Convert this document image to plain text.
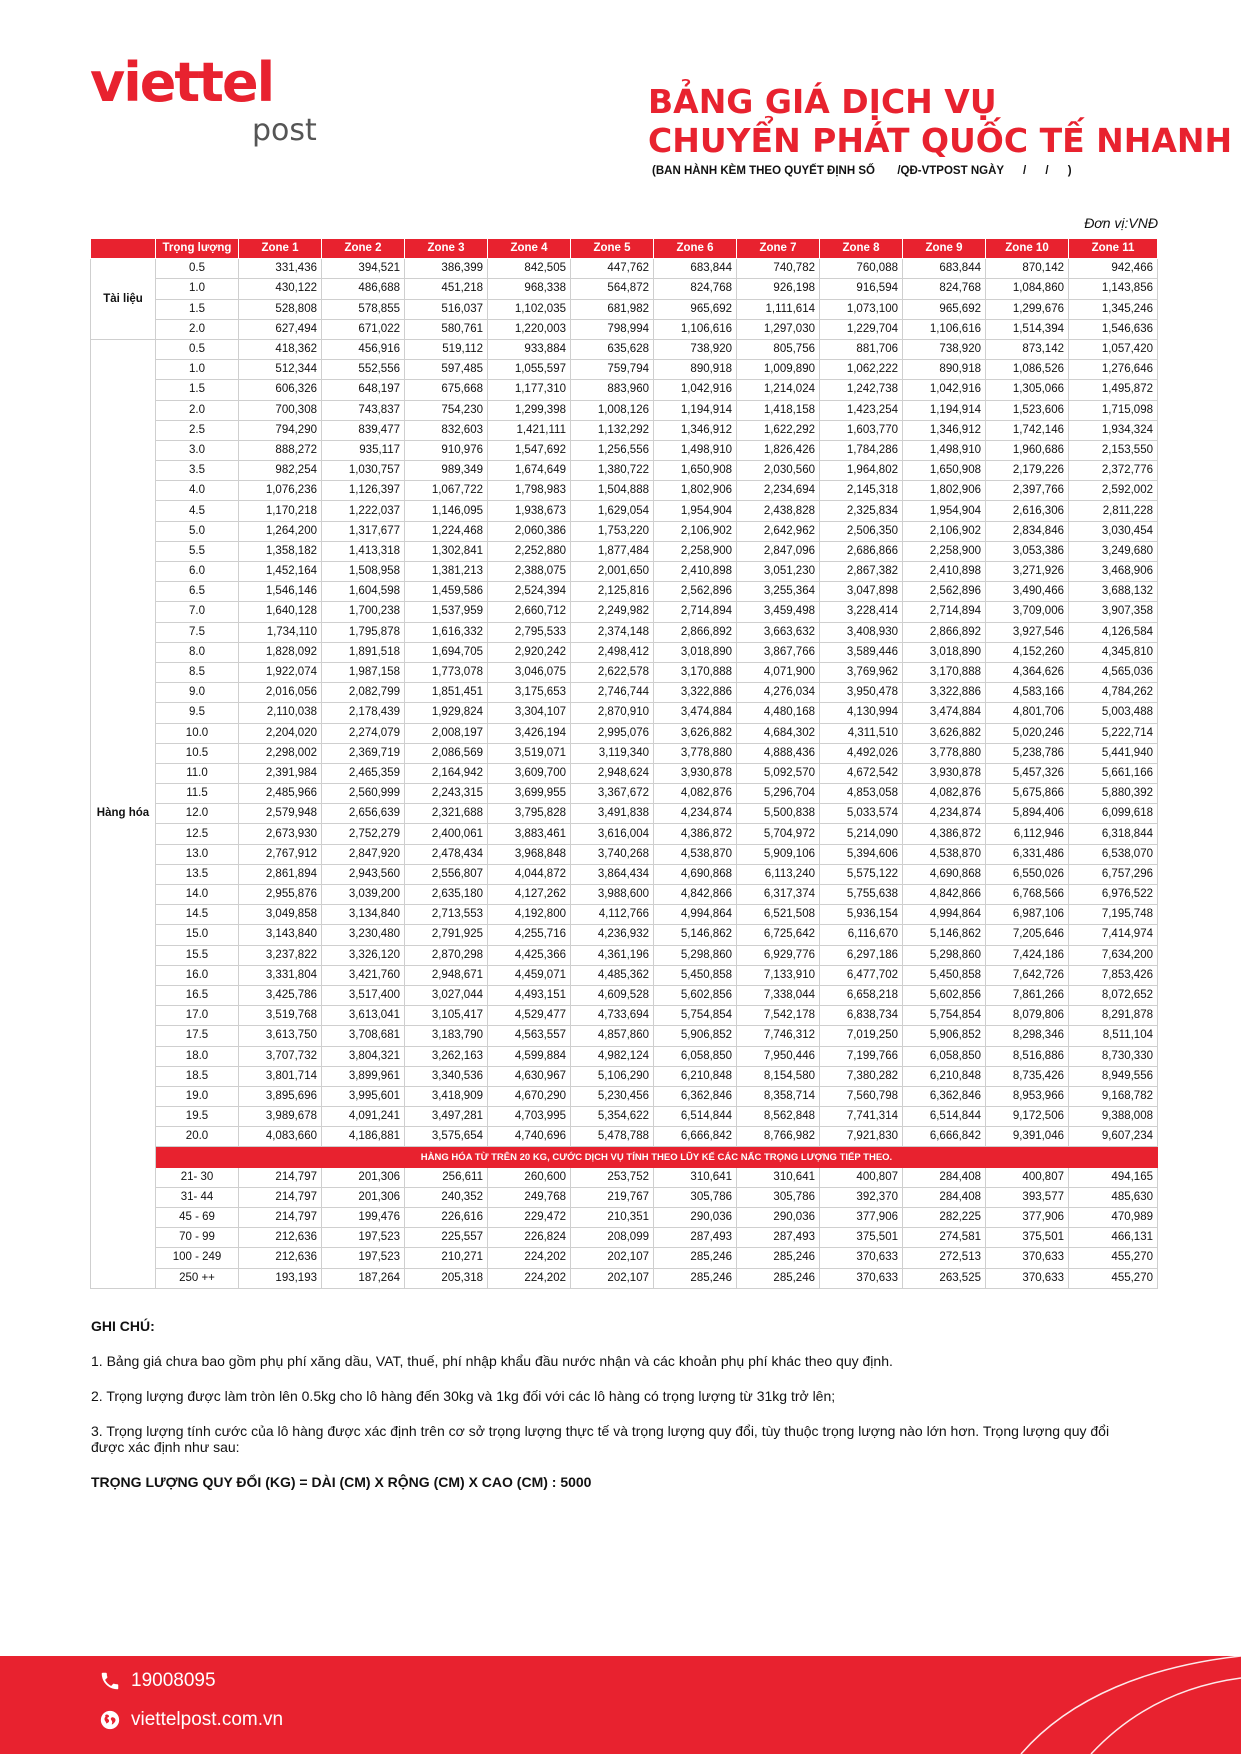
viettel
post
BẢNG GIÁ DỊCH VỤ
CHUYỂN PHÁT QUỐC TẾ NHANH
(BAN HÀNH KÈM THEO QUYẾT ĐỊNH SỐ       /QĐ-VTPOST NGÀY      /      /      )
Đơn vị:VNĐ
	Trọng lượng	Zone 1	Zone 2	Zone 3	Zone 4	Zone 5	Zone 6	Zone 7	Zone 8	Zone 9	Zone 10	Zone 11
Tài liệu	0.5	331,436	394,521	386,399	842,505	447,762	683,844	740,782	760,088	683,844	870,142	942,466
	1.0	430,122	486,688	451,218	968,338	564,872	824,768	926,198	916,594	824,768	1,084,860	1,143,856
	1.5	528,808	578,855	516,037	1,102,035	681,982	965,692	1,111,614	1,073,100	965,692	1,299,676	1,345,246
	2.0	627,494	671,022	580,761	1,220,003	798,994	1,106,616	1,297,030	1,229,704	1,106,616	1,514,394	1,546,636
Hàng hóa	0.5	418,362	456,916	519,112	933,884	635,628	738,920	805,756	881,706	738,920	873,142	1,057,420
	1.0	512,344	552,556	597,485	1,055,597	759,794	890,918	1,009,890	1,062,222	890,918	1,086,526	1,276,646
	1.5	606,326	648,197	675,668	1,177,310	883,960	1,042,916	1,214,024	1,242,738	1,042,916	1,305,066	1,495,872
	2.0	700,308	743,837	754,230	1,299,398	1,008,126	1,194,914	1,418,158	1,423,254	1,194,914	1,523,606	1,715,098
	2.5	794,290	839,477	832,603	1,421,111	1,132,292	1,346,912	1,622,292	1,603,770	1,346,912	1,742,146	1,934,324
	3.0	888,272	935,117	910,976	1,547,692	1,256,556	1,498,910	1,826,426	1,784,286	1,498,910	1,960,686	2,153,550
	3.5	982,254	1,030,757	989,349	1,674,649	1,380,722	1,650,908	2,030,560	1,964,802	1,650,908	2,179,226	2,372,776
	4.0	1,076,236	1,126,397	1,067,722	1,798,983	1,504,888	1,802,906	2,234,694	2,145,318	1,802,906	2,397,766	2,592,002
	4.5	1,170,218	1,222,037	1,146,095	1,938,673	1,629,054	1,954,904	2,438,828	2,325,834	1,954,904	2,616,306	2,811,228
	5.0	1,264,200	1,317,677	1,224,468	2,060,386	1,753,220	2,106,902	2,642,962	2,506,350	2,106,902	2,834,846	3,030,454
	5.5	1,358,182	1,413,318	1,302,841	2,252,880	1,877,484	2,258,900	2,847,096	2,686,866	2,258,900	3,053,386	3,249,680
	6.0	1,452,164	1,508,958	1,381,213	2,388,075	2,001,650	2,410,898	3,051,230	2,867,382	2,410,898	3,271,926	3,468,906
	6.5	1,546,146	1,604,598	1,459,586	2,524,394	2,125,816	2,562,896	3,255,364	3,047,898	2,562,896	3,490,466	3,688,132
	7.0	1,640,128	1,700,238	1,537,959	2,660,712	2,249,982	2,714,894	3,459,498	3,228,414	2,714,894	3,709,006	3,907,358
	7.5	1,734,110	1,795,878	1,616,332	2,795,533	2,374,148	2,866,892	3,663,632	3,408,930	2,866,892	3,927,546	4,126,584
	8.0	1,828,092	1,891,518	1,694,705	2,920,242	2,498,412	3,018,890	3,867,766	3,589,446	3,018,890	4,152,260	4,345,810
	8.5	1,922,074	1,987,158	1,773,078	3,046,075	2,622,578	3,170,888	4,071,900	3,769,962	3,170,888	4,364,626	4,565,036
	9.0	2,016,056	2,082,799	1,851,451	3,175,653	2,746,744	3,322,886	4,276,034	3,950,478	3,322,886	4,583,166	4,784,262
	9.5	2,110,038	2,178,439	1,929,824	3,304,107	2,870,910	3,474,884	4,480,168	4,130,994	3,474,884	4,801,706	5,003,488
	10.0	2,204,020	2,274,079	2,008,197	3,426,194	2,995,076	3,626,882	4,684,302	4,311,510	3,626,882	5,020,246	5,222,714
	10.5	2,298,002	2,369,719	2,086,569	3,519,071	3,119,340	3,778,880	4,888,436	4,492,026	3,778,880	5,238,786	5,441,940
	11.0	2,391,984	2,465,359	2,164,942	3,609,700	2,948,624	3,930,878	5,092,570	4,672,542	3,930,878	5,457,326	5,661,166
	11.5	2,485,966	2,560,999	2,243,315	3,699,955	3,367,672	4,082,876	5,296,704	4,853,058	4,082,876	5,675,866	5,880,392
	12.0	2,579,948	2,656,639	2,321,688	3,795,828	3,491,838	4,234,874	5,500,838	5,033,574	4,234,874	5,894,406	6,099,618
	12.5	2,673,930	2,752,279	2,400,061	3,883,461	3,616,004	4,386,872	5,704,972	5,214,090	4,386,872	6,112,946	6,318,844
	13.0	2,767,912	2,847,920	2,478,434	3,968,848	3,740,268	4,538,870	5,909,106	5,394,606	4,538,870	6,331,486	6,538,070
	13.5	2,861,894	2,943,560	2,556,807	4,044,872	3,864,434	4,690,868	6,113,240	5,575,122	4,690,868	6,550,026	6,757,296
	14.0	2,955,876	3,039,200	2,635,180	4,127,262	3,988,600	4,842,866	6,317,374	5,755,638	4,842,866	6,768,566	6,976,522
	14.5	3,049,858	3,134,840	2,713,553	4,192,800	4,112,766	4,994,864	6,521,508	5,936,154	4,994,864	6,987,106	7,195,748
	15.0	3,143,840	3,230,480	2,791,925	4,255,716	4,236,932	5,146,862	6,725,642	6,116,670	5,146,862	7,205,646	7,414,974
	15.5	3,237,822	3,326,120	2,870,298	4,425,366	4,361,196	5,298,860	6,929,776	6,297,186	5,298,860	7,424,186	7,634,200
	16.0	3,331,804	3,421,760	2,948,671	4,459,071	4,485,362	5,450,858	7,133,910	6,477,702	5,450,858	7,642,726	7,853,426
	16.5	3,425,786	3,517,400	3,027,044	4,493,151	4,609,528	5,602,856	7,338,044	6,658,218	5,602,856	7,861,266	8,072,652
	17.0	3,519,768	3,613,041	3,105,417	4,529,477	4,733,694	5,754,854	7,542,178	6,838,734	5,754,854	8,079,806	8,291,878
	17.5	3,613,750	3,708,681	3,183,790	4,563,557	4,857,860	5,906,852	7,746,312	7,019,250	5,906,852	8,298,346	8,511,104
	18.0	3,707,732	3,804,321	3,262,163	4,599,884	4,982,124	6,058,850	7,950,446	7,199,766	6,058,850	8,516,886	8,730,330
	18.5	3,801,714	3,899,961	3,340,536	4,630,967	5,106,290	6,210,848	8,154,580	7,380,282	6,210,848	8,735,426	8,949,556
	19.0	3,895,696	3,995,601	3,418,909	4,670,290	5,230,456	6,362,846	8,358,714	7,560,798	6,362,846	8,953,966	9,168,782
	19.5	3,989,678	4,091,241	3,497,281	4,703,995	5,354,622	6,514,844	8,562,848	7,741,314	6,514,844	9,172,506	9,388,008
	20.0	4,083,660	4,186,881	3,575,654	4,740,696	5,478,788	6,666,842	8,766,982	7,921,830	6,666,842	9,391,046	9,607,234
	HÀNG HÓA TỪ TRÊN 20 KG, CƯỚC DỊCH VỤ TÍNH THEO LŨY KẾ CÁC NẤC TRỌNG LƯỢNG TIẾP THEO.											
	21- 30	214,797	201,306	256,611	260,600	253,752	310,641	310,641	400,807	284,408	400,807	494,165
	31- 44	214,797	201,306	240,352	249,768	219,767	305,786	305,786	392,370	284,408	393,577	485,630
	45 - 69	214,797	199,476	226,616	229,472	210,351	290,036	290,036	377,906	282,225	377,906	470,989
	70 - 99	212,636	197,523	225,557	226,824	208,099	287,493	287,493	375,501	274,581	375,501	466,131
	100 - 249	212,636	197,523	210,271	224,202	202,107	285,246	285,246	370,633	272,513	370,633	455,270
	250 ++	193,193	187,264	205,318	224,202	202,107	285,246	285,246	370,633	263,525	370,633	455,270

GHI CHÚ:

1. Bảng giá chưa bao gồm phụ phí xăng dầu, VAT, thuế, phí nhập khẩu đầu nước nhận và các khoản phụ phí khác theo quy định.

2. Trọng lượng được làm tròn lên 0.5kg cho lô hàng đến 30kg và 1kg đối với các lô hàng có trọng lượng từ 31kg trở lên;

3. Trọng lượng tính cước của lô hàng được xác định trên cơ sở trọng lượng thực tế và trọng lượng quy đổi, tùy thuộc trọng lượng nào lớn hơn. Trọng lượng quy đổi được xác định như sau:

TRỌNG LƯỢNG QUY ĐỔI (KG) = DÀI (CM) X RỘNG (CM) X CAO (CM) : 5000

19008095
viettelpost.com.vn
